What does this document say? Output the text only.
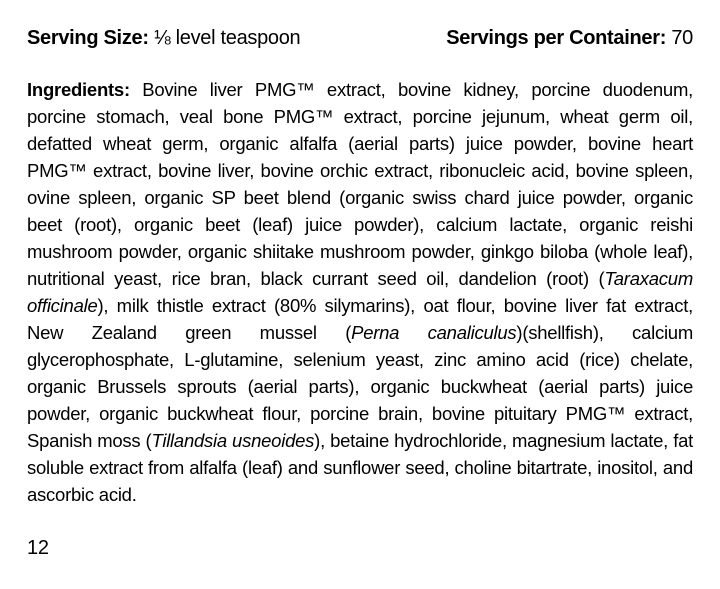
Serving Size: ⅛ level teaspoon	Servings per Container: 70

Ingredients: Bovine liver PMG™ extract, bovine kidney, porcine duodenum, porcine stomach, veal bone PMG™ extract, porcine jejunum, wheat germ oil, defatted wheat germ, organic alfalfa (aerial parts) juice powder, bovine heart PMG™ extract, bovine liver, bovine orchic extract, ribonucleic acid, bovine spleen, ovine spleen, organic SP beet blend (organic swiss chard juice powder, organic beet (root), organic beet (leaf) juice powder), calcium lactate, organic reishi mushroom powder, organic shiitake mushroom powder, ginkgo biloba (whole leaf), nutritional yeast, rice bran, black currant seed oil, dandelion (root) (Taraxacum officinale), milk thistle extract (80% silymarins), oat flour, bovine liver fat extract, New Zealand green mussel (Perna canaliculus)(shellfish), calcium glycerophosphate, L-glutamine, selenium yeast, zinc amino acid (rice) chelate, organic Brussels sprouts (aerial parts), organic buckwheat (aerial parts) juice powder, organic buckwheat flour, porcine brain, bovine pituitary PMG™ extract, Spanish moss (Tillandsia usneoides), betaine hydrochloride, magnesium lactate, fat soluble extract from alfalfa (leaf) and sunflower seed, choline bitartrate, inositol, and ascorbic acid.

12
